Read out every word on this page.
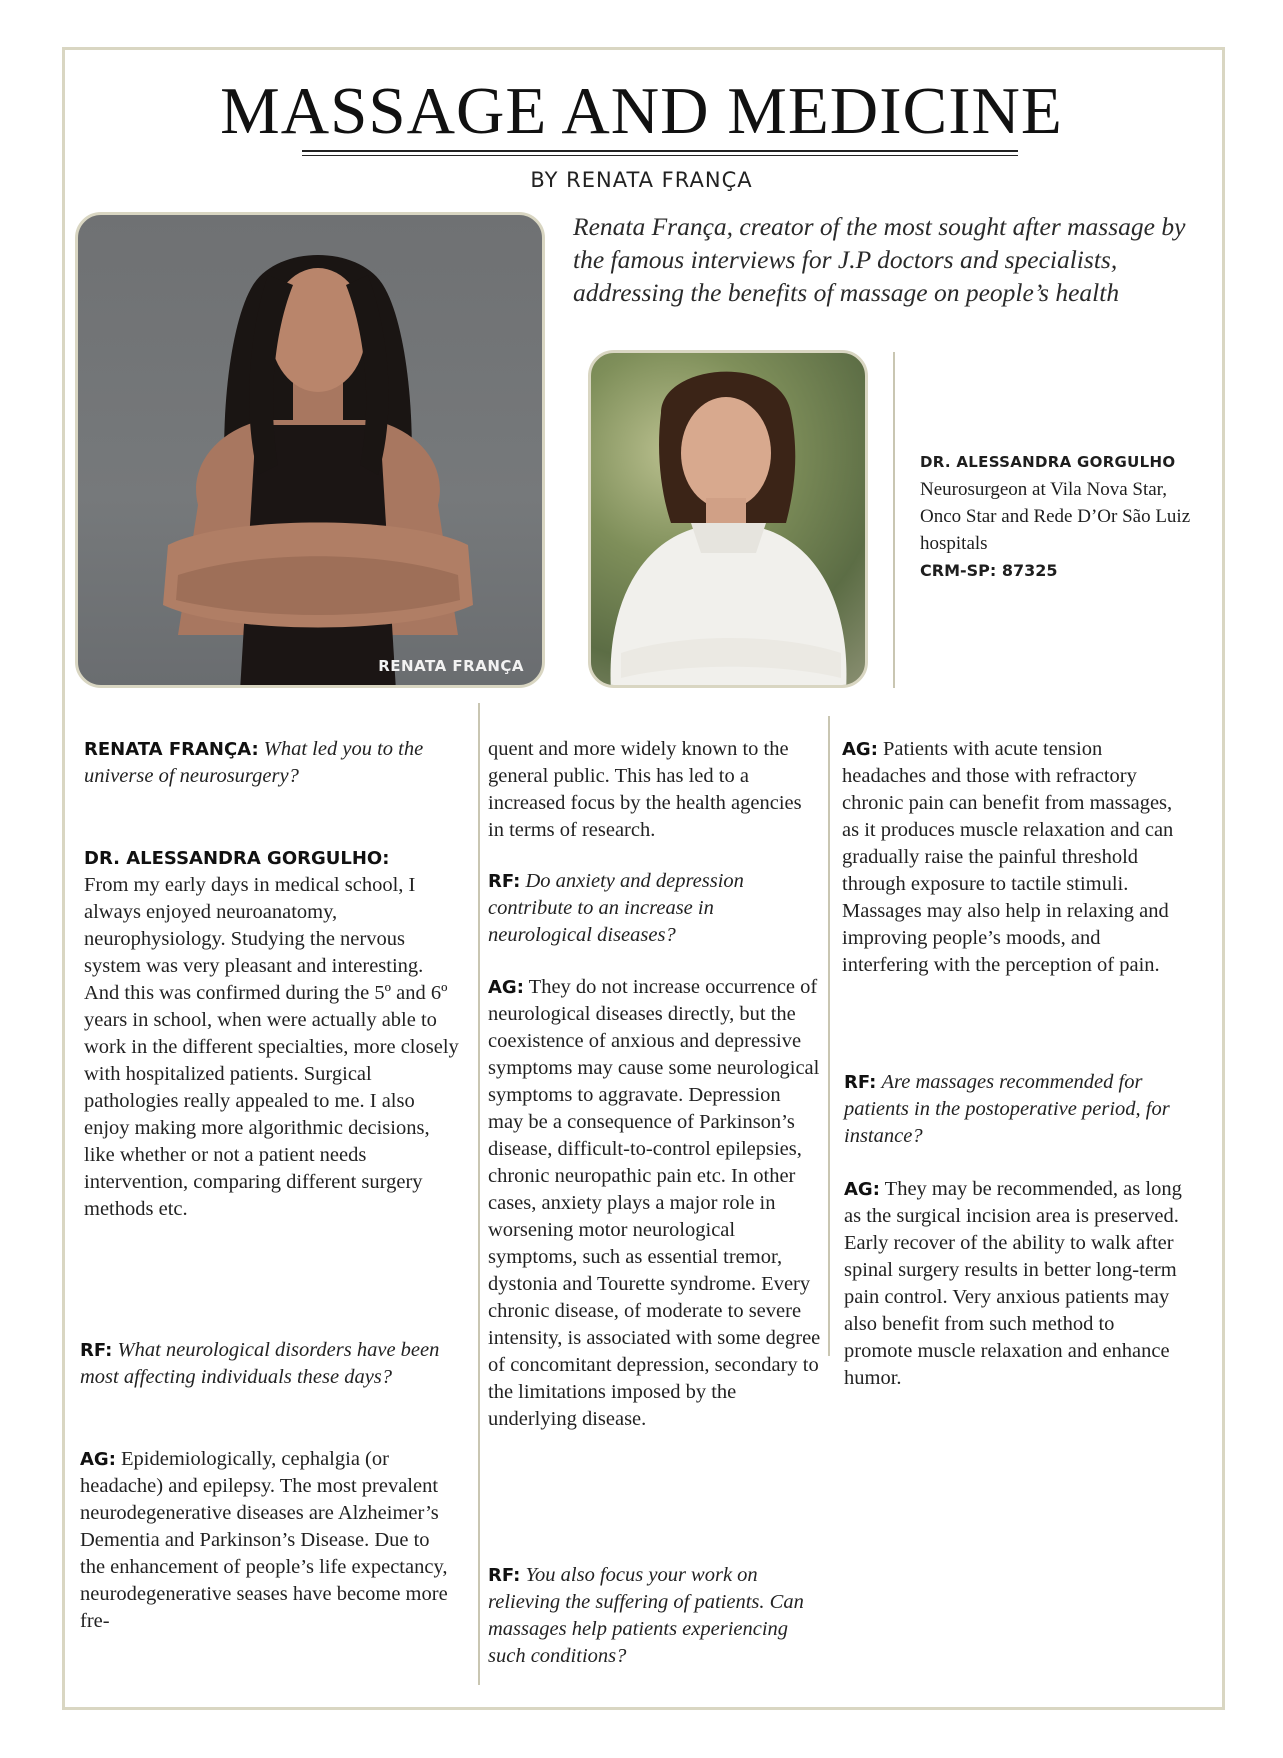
MASSAGE AND MEDICINE
BY RENATA FRANÇA
RENATA FRANÇA
Renata França, creator of the most sought after massage by the famous interviews for J.P doctors and specialists, addressing the benefits of massage on people’s health
DR. ALESSANDRA GORGULHO
Neurosurgeon at Vila Nova Star, Onco Star and Rede D’Or São Luiz hospitals
CRM-SP: 87325

RENATA FRANÇA: What led you to the universe of neurosurgery?

DR. ALESSANDRA GORGULHO:
From my early days in medical school, I always enjoyed neuroanatomy, neurophysiology. Studying the nervous system was very pleasant and interesting. And this was confirmed during the 5º and 6º years in school, when were actually able to work in the different specialties, more closely with hospitalized patients. Surgical pathologies really appealed to me. I also enjoy making more algorithmic decisions, like whether or not a patient needs intervention, comparing different surgery methods etc.

RF: What neurological disorders have been most affecting individuals these days?

AG: Epidemiologically, cephalgia (or headache) and epilepsy. The most prevalent neurodegenerative diseases are Alzheimer’s Dementia and Parkinson’s Disease. Due to the enhancement of people’s life expectancy, neurodegenerative seases have become more fre-

quent and more widely known to the general public. This has led to a increased focus by the health agencies in terms of research.

RF: Do anxiety and depression contribute to an increase in neurological diseases?

AG: They do not increase occurrence of neurological diseases directly, but the coexistence of anxious and depressive symptoms may cause some neurological symptoms to aggravate. Depression may be a consequence of Parkinson’s disease, difficult-to-control epilepsies, chronic neuropathic pain etc. In other cases, anxiety plays a major role in worsening motor neurological symptoms, such as essential tremor, dystonia and Tourette syndrome. Every chronic disease, of moderate to severe intensity, is associated with some degree of concomitant depression, secondary to the limitations imposed by the underlying disease.

RF: You also focus your work on relieving the suffering of patients. Can massages help patients experiencing such conditions?

AG: Patients with acute tension headaches and those with refractory chronic pain can benefit from massages, as it produces muscle relaxation and can gradually raise the painful threshold through exposure to tactile stimuli. Massages may also help in relaxing and improving people’s moods, and interfering with the perception of pain.

RF: Are massages recommended for patients in the postoperative period, for instance?

AG: They may be recommended, as long as the surgical incision area is preserved. Early recover of the ability to walk after spinal surgery results in better long-term pain control. Very anxious patients may also benefit from such method to promote muscle relaxation and enhance humor.
